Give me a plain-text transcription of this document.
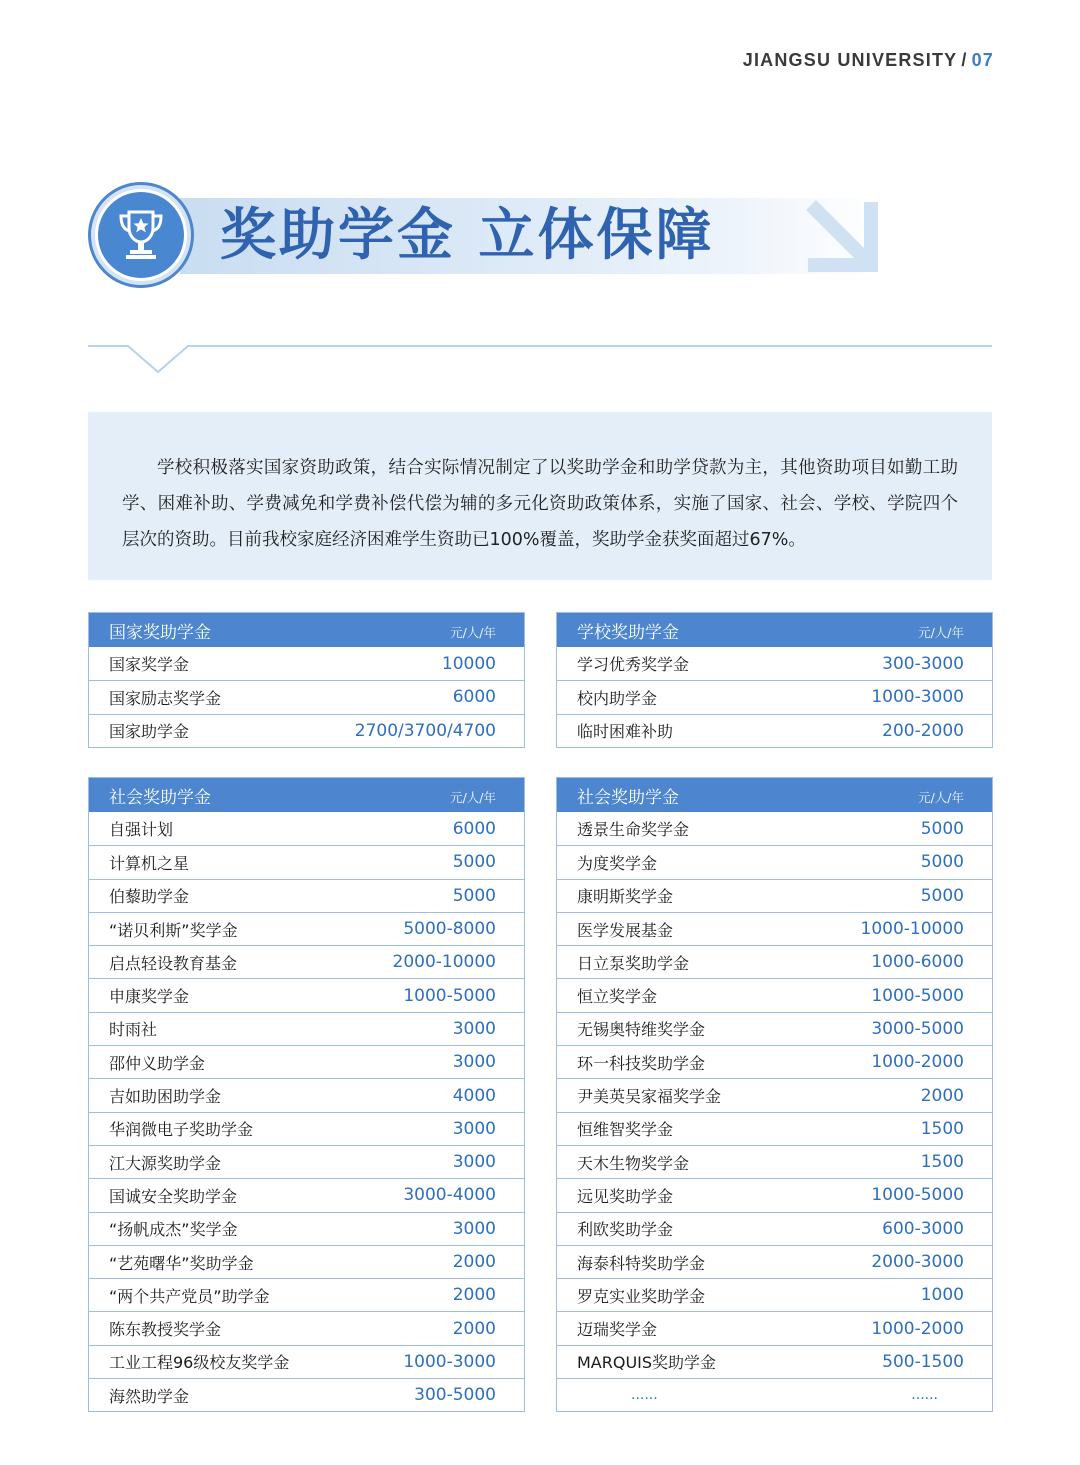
JIANGSU UNIVERSITY / 07
奖助学金 立体保障

学校积极落实国家资助政策，结合实际情况制定了以奖助学金和助学贷款为主，其他资助项目如勤工助学、困难补助、学费减免和学费补偿代偿为辅的多元化资助政策体系，实施了国家、社会、学校、学院四个层次的资助。目前我校家庭经济困难学生资助已100%覆盖，奖助学金获奖面超过67%。

国家奖助学金	元/人/年
国家奖学金	10000
国家励志奖学金	6000
国家助学金	2700/3700/4700
学校奖助学金	元/人/年
学习优秀奖学金	300-3000
校内助学金	1000-3000
临时困难补助	200-2000
社会奖助学金	元/人/年
自强计划	6000
计算机之星	5000
伯藜助学金	5000
“诺贝利斯”奖学金	5000-8000
启点轻设教育基金	2000-10000
申康奖学金	1000-5000
时雨社	3000
邵仲义助学金	3000
吉如助困助学金	4000
华润微电子奖助学金	3000
江大源奖助学金	3000
国诚安全奖助学金	3000-4000
“扬帆成杰”奖学金	3000
“艺苑曙华”奖助学金	2000
“两个共产党员”助学金	2000
陈东教授奖学金	2000
工业工程96级校友奖学金	1000-3000
海然助学金	300-5000
社会奖助学金	元/人/年
透景生命奖学金	5000
为度奖学金	5000
康明斯奖学金	5000
医学发展基金	1000-10000
日立泵奖助学金	1000-6000
恒立奖学金	1000-5000
无锡奥特维奖学金	3000-5000
环一科技奖助学金	1000-2000
尹美英吴家福奖学金	2000
恒维智奖学金	1500
天木生物奖学金	1500
远见奖助学金	1000-5000
利欧奖助学金	600-3000
海泰科特奖助学金	2000-3000
罗克实业奖助学金	1000
迈瑞奖学金	1000-2000
MARQUIS奖助学金	500-1500
......	......
